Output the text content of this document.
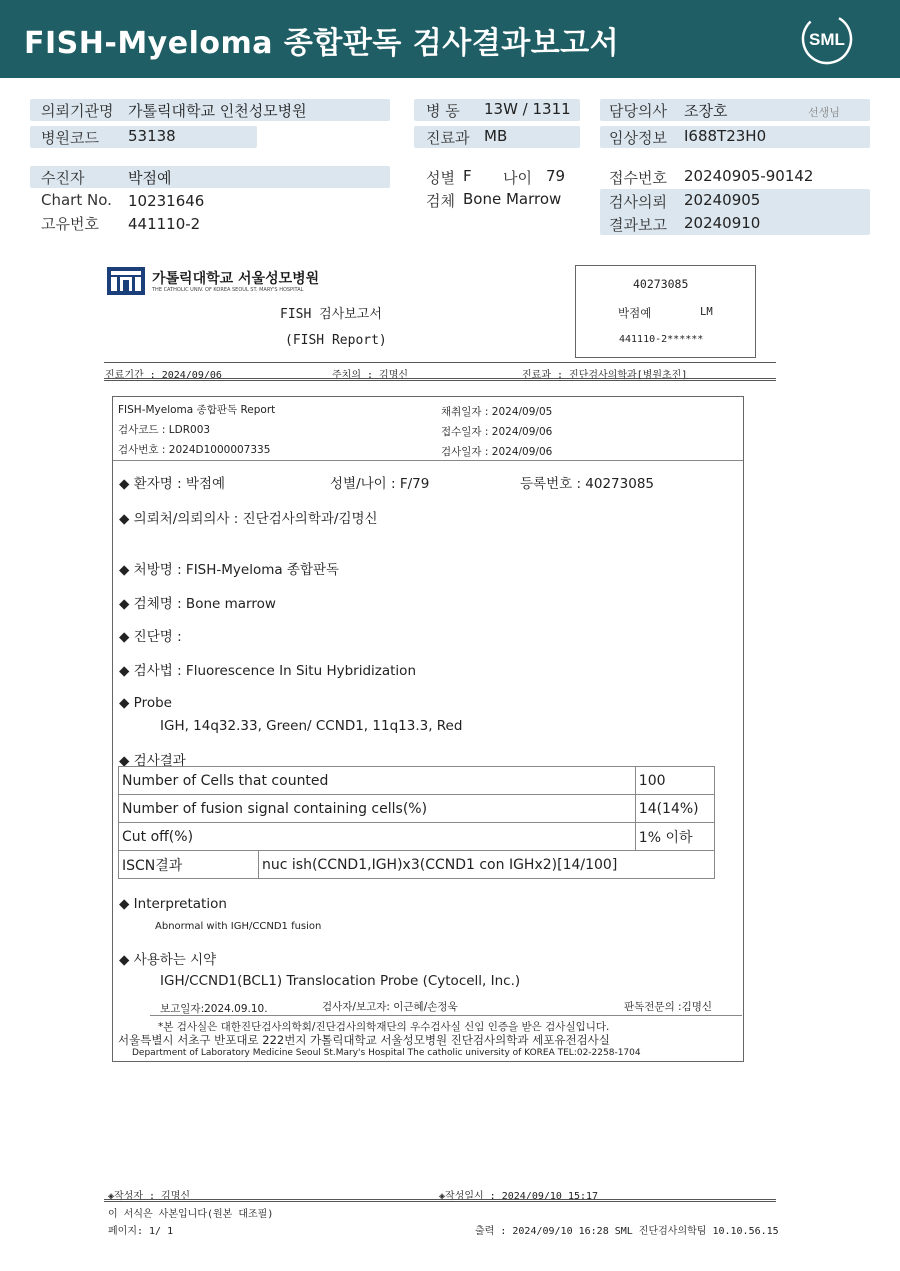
FISH-Myeloma 종합판독 검사결과보고서	SML
의뢰기관명 가톨릭대학교 인천성모병원
병원코드 53138
병 동 13W / 1311
진료과 MB
담당의사 조장호	선생님
임상정보 I688T23H0
수진자	박점예
Chart No. 10231646
고유번호 441110-2
성별 F 나이 79
검체 Bone Marrow
접수번호 20240905-90142
검사의뢰 20240905
결과보고 20240910
가톨릭대학교 서울성모병원
THE CATHOLIC UNIV. OF KOREA SEOUL ST. MARY'S HOSPITAL
FISH 검사보고서
(FISH Report)
40273085
박점예	LM
441110-2******
진료기간 : 2024/09/06	주치의 : 김명신	진료과 : 진단검사의학과[병원초진]
FISH-Myeloma 종합판독 Report
검사코드 : LDR003
검사번호 : 2024D1000007335
채취일자 : 2024/09/05
접수일자 : 2024/09/06
검사일자 : 2024/09/06
◆ 환자명 : 박점예	성별/나이 : F/79	등록번호 : 40273085
◆ 의뢰처/의뢰의사 : 진단검사의학과/김명신
◆ 처방명 : FISH-Myeloma 종합판독
◆ 검체명 : Bone marrow
◆ 진단명 :
◆ 검사법 : Fluorescence In Situ Hybridization
◆ Probe
IGH, 14q32.33, Green/ CCND1, 11q13.3, Red
◆ 검사결과
Number of Cells that counted		100
Number of fusion signal containing cells(%)		14(14%)
Cut off(%)		1% 이하
ISCN결과	nuc ish(CCND1,IGH)x3(CCND1 con IGHx2)[14/100]	
◆ Interpretation
Abnormal with IGH/CCND1 fusion
◆ 사용하는 시약
IGH/CCND1(BCL1) Translocation Probe (Cytocell, Inc.)
보고일자:2024.09.10.	검사자/보고자: 이근혜/손정욱	판독전문의 :김명신
*본 검사실은 대한진단검사의학회/진단검사의학재단의 우수검사실 신임 인증을 받은 검사실입니다.
서울특별시 서초구 반포대로 222번지 가톨릭대학교 서울성모병원 진단검사의학과 세포유전검사실
Department of Laboratory Medicine Seoul St.Mary's Hospital The catholic university of KOREA TEL:02-2258-1704
◈작성자 : 김명신	◈작성일시 : 2024/09/10 15:17
이 서식은 사본입니다(원본 대조필)
페이지: 1/ 1	출력 : 2024/09/10 16:28 SML 진단검사의학팀 10.10.56.15
